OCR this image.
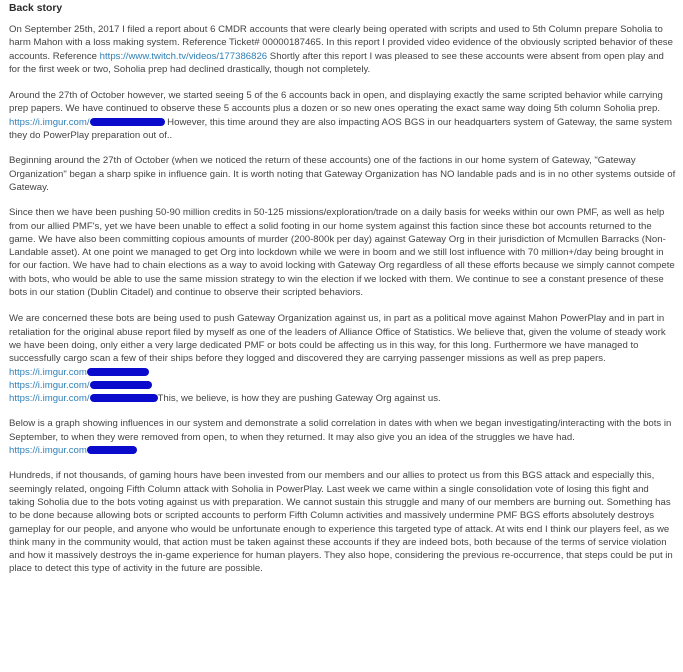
Back story

On September 25th, 2017 I filed a report about 6 CMDR accounts that were clearly being operated with scripts and used to 5th Column prepare Soholia to harm Mahon with a loss making system. Reference Ticket# 00000187465. In this report I provided video evidence of the obviously scripted behavior of these accounts. Reference https://www.twitch.tv/videos/177386826 Shortly after this report I was pleased to see these accounts were absent from open play and for the first week or two, Soholia prep had declined drastically, though not completely.

Around the 27th of October however, we started seeing 5 of the 6 accounts back in open, and displaying exactly the same scripted behavior while carrying prep papers. We have continued to observe these 5 accounts plus a dozen or so new ones operating the exact same way doing 5th column Soholia prep. https://i.imgur.com/	However, this time around they are also impacting AOS BGS in our headquarters system of Gateway, the same system they do PowerPlay preparation out of..

Beginning around the 27th of October (when we noticed the return of these accounts) one of the factions in our home system of Gateway, "Gateway Organization" began a sharp spike in influence gain. It is worth noting that Gateway Organization has NO landable pads and is in no other systems outside of Gateway.

Since then we have been pushing 50-90 million credits in 50-125 missions/exploration/trade on a daily basis for weeks within our own PMF, as well as help from our allied PMF's, yet we have been unable to effect a solid footing in our home system against this faction since these bot accounts returned to the game. We have also been committing copious amounts of murder (200-800k per day) against Gateway Org in their jurisdiction of Mcmullen Barracks (Non-Landable asset). At one point we managed to get Org into lockdown while we were in boom and we still lost influence with 70 million+/day being brought in for our faction. We have had to chain elections as a way to avoid locking with Gateway Org regardless of all these efforts because we simply cannot compete with bots, who would be able to use the same mission strategy to win the election if we locked with them. We continue to see a constant presence of these bots in our station (Dublin Citadel) and continue to observe their scripted behaviors.

We are concerned these bots are being used to push Gateway Organization against us, in part as a political move against Mahon PowerPlay and in part in retaliation for the original abuse report filed by myself as one of the leaders of Alliance Office of Statistics. We believe that, given the volume of steady work we have been doing, only either a very large dedicated PMF or bots could be affecting us in this way, for this long. Furthermore we have managed to successfully cargo scan a few of their ships before they logged and discovered they are carrying passenger missions as well as prep papers. https://i.imgur.com

https://i.imgur.com/
https://i.imgur.com/	This, we believe, is how they are pushing Gateway Org against us.

Below is a graph showing influences in our system and demonstrate a solid correlation in dates with when we began investigating/interacting with the bots in September, to when they were removed from open, to when they returned. It may also give you an idea of the struggles we have had.
https://i.imgur.com

Hundreds, if not thousands, of gaming hours have been invested from our members and our allies to protect us from this BGS attack and especially this, seemingly related, ongoing Fifth Column attack with Soholia in PowerPlay. Last week we came within a single consolidation vote of losing this fight and taking Soholia due to the bots voting against us with preparation. We cannot sustain this struggle and many of our members are burning out. Something has to be done because allowing bots or scripted accounts to perform Fifth Column activities and massively undermine PMF BGS efforts absolutely destroys gameplay for our people, and anyone who would be unfortunate enough to experience this targeted type of attack. At wits end I think our players feel, as we think many in the community would, that action must be taken against these accounts if they are indeed bots, both because of the terms of service violation and how it massively destroys the in-game experience for human players. They also hope, considering the previous re-occurrence, that steps could be put in place to detect this type of activity in the future are possible.
